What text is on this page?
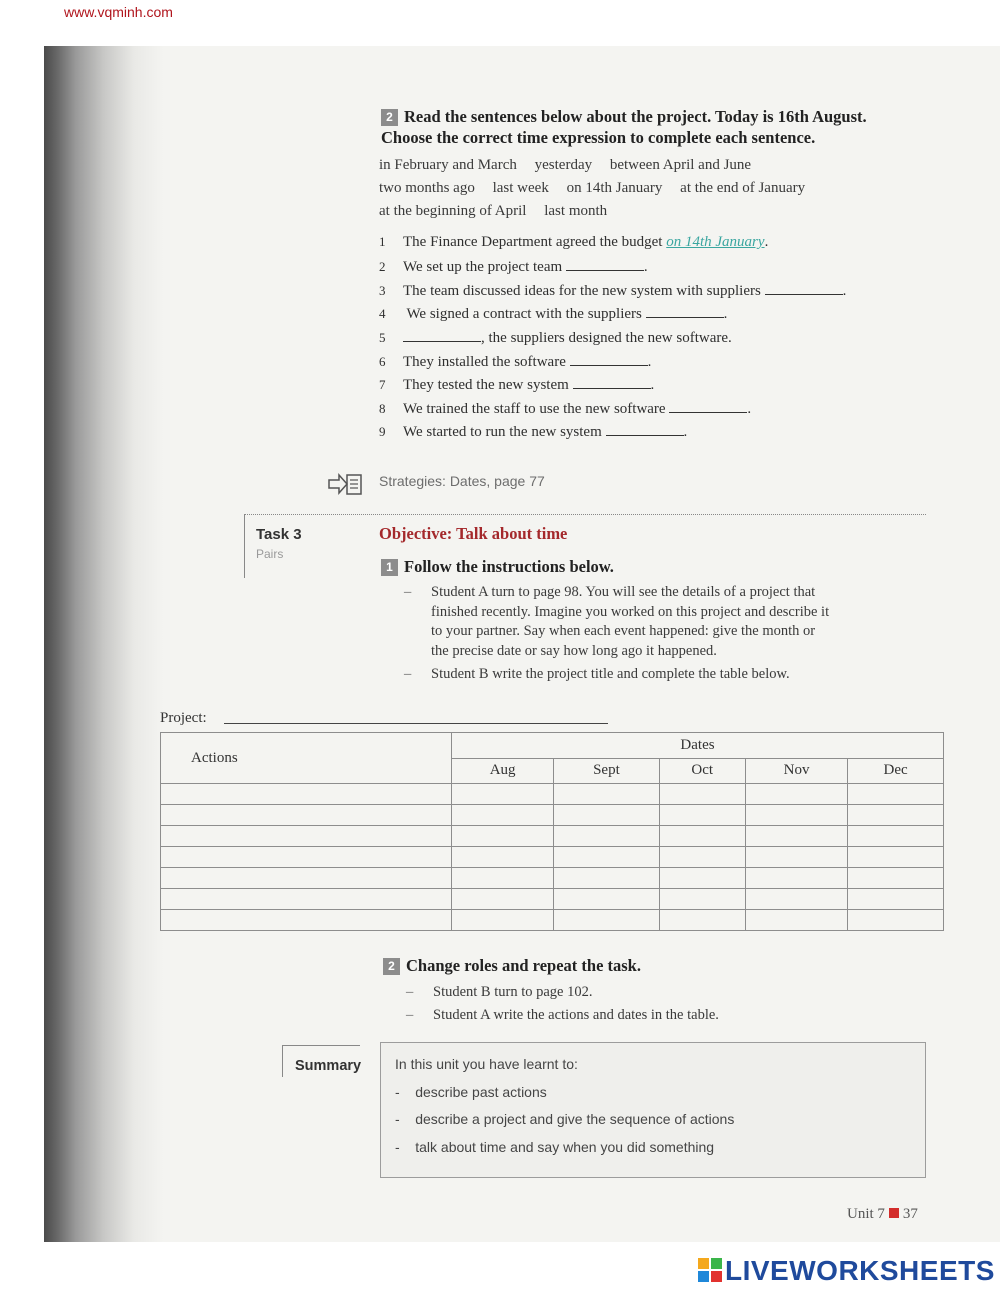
www.vqminh.com
2 Read the sentences below about the project. Today is 16th August.
Choose the correct time expression to complete each sentence.
in February and March yesterday between April and June
two months ago last week on 14th January at the end of January
at the beginning of April last month
1 The Finance Department agreed the budget on 14th January.
2 We set up the project team	.
3 The team discussed ideas for the new system with suppliers	.
4 We signed a contract with the suppliers	.
5	, the suppliers designed the new software.
6 They installed the software	.
7 They tested the new system	.
8 We trained the staff to use the new software	.
9 We started to run the new system	.
Strategies: Dates, page 77
Task 3
Pairs
Objective: Talk about time
1 Follow the instructions below.
– Student A turn to page 98. You will see the details of a project that
finished recently. Imagine you worked on this project and describe it
to your partner. Say when each event happened: give the month or
the precise date or say how long ago it happened.
– Student B write the project title and complete the table below.
Project:
Actions	Dates				
	Aug	Sept	Oct	Nov	Dec

2 Change roles and repeat the task.
– Student B turn to page 102.
– Student A write the actions and dates in the table.
Summary In this unit you have learnt to:
- describe past actions
- describe a project and give the sequence of actions
- talk about time and say when you did something
Unit 7 37
LIVEWORKSHEETS
